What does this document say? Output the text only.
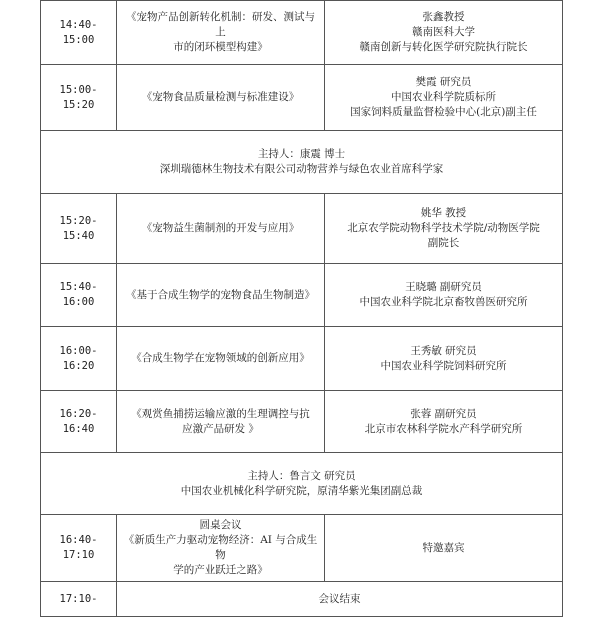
14:40-15:00	《宠物产品创新转化机制：研发、测试与上
市的闭环模型构建》	张鑫教授
赣南医科大学
赣南创新与转化医学研究院执行院长

15:00-15:20	《宠物食品质量检测与标准建设》	樊霞 研究员
中国农业科学院质标所
国家饲料质量监督检验中心(北京)副主任

主持人：康震 博士
深圳瑞德林生物技术有限公司动物营养与绿色农业首席科学家		

15:20-15:40	《宠物益生菌制剂的开发与应用》	姚华 教授
北京农学院动物科学技术学院/动物医学院
副院长

15:40-16:00	《基于合成生物学的宠物食品生物制造》	王晓璐 副研究员
中国农业科学院北京畜牧兽医研究所

16:00-16:20	《合成生物学在宠物领域的创新应用》	王秀敏 研究员
中国农业科学院饲料研究所

16:20-16:40	《观赏鱼捕捞运输应激的生理调控与抗
应激产品研发 》	张蓉 副研究员
北京市农林科学院水产科学研究所

主持人：鲁言文 研究员
中国农业机械化科学研究院，原清华紫光集团副总裁		

16:40-17:10	圆桌会议
《新质生产力驱动宠物经济：AI 与合成生物
学的产业跃迁之路》	特邀嘉宾

17:10-	会议结束	
